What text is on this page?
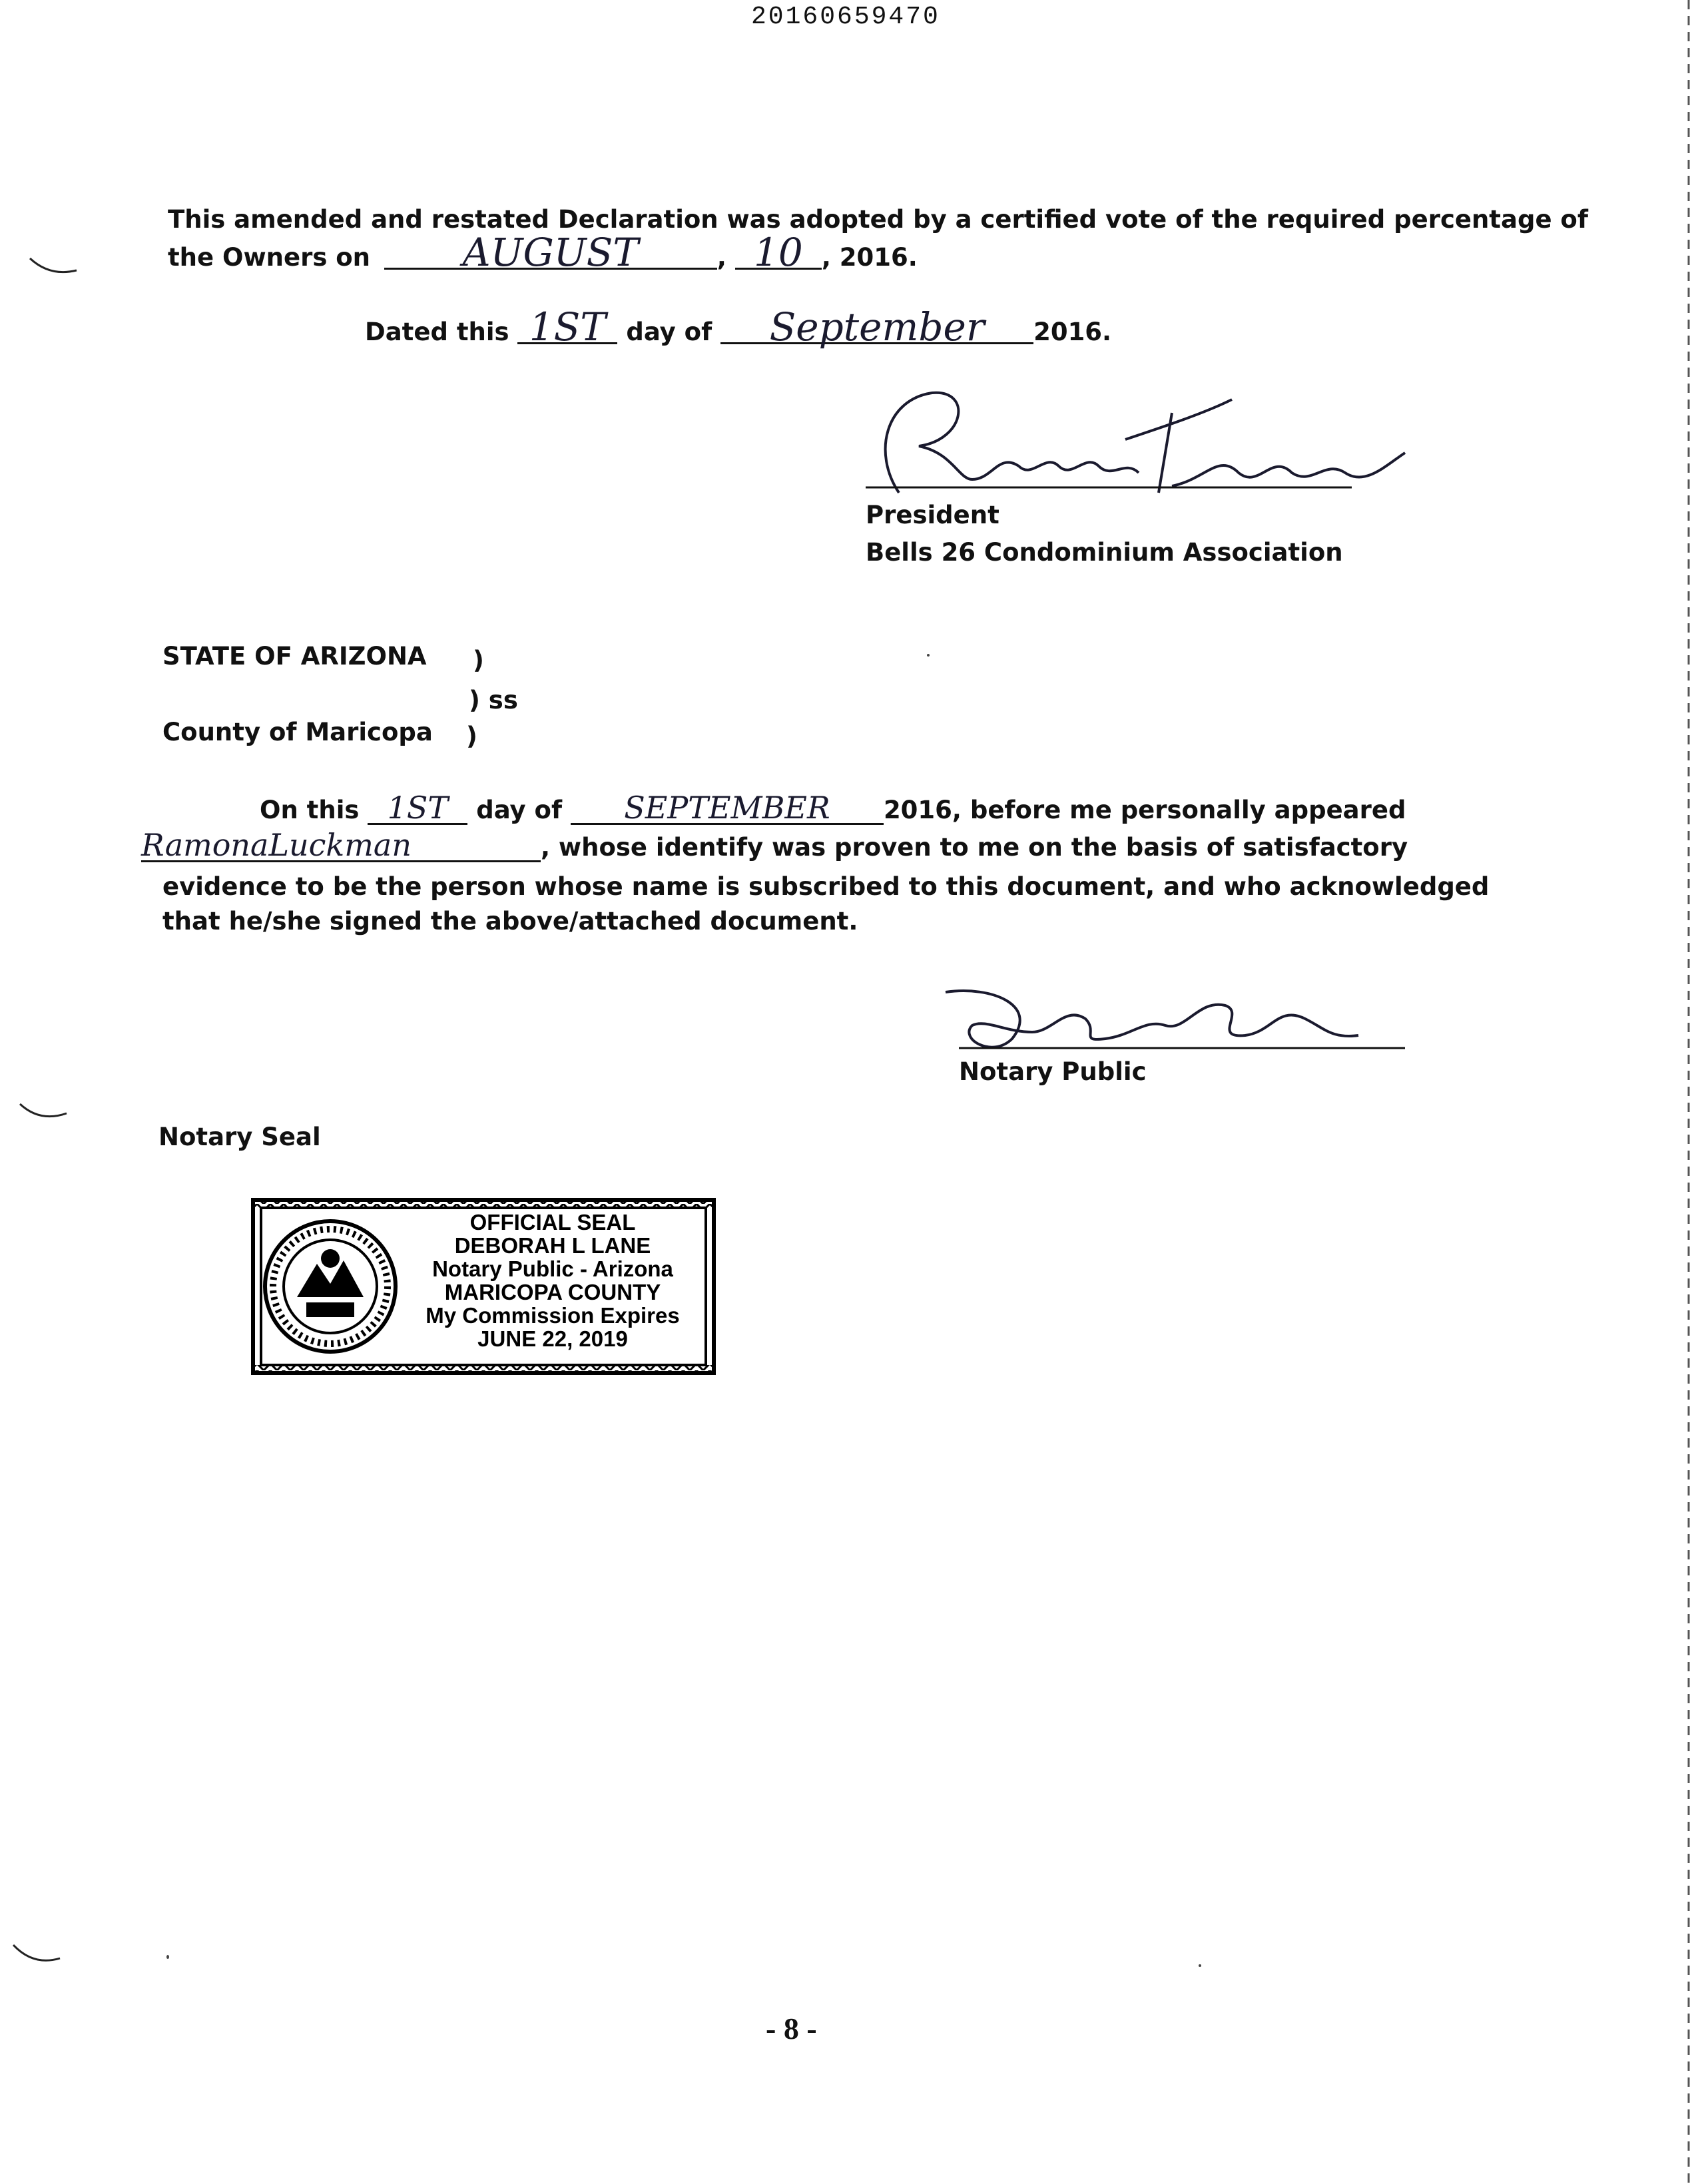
20160659470
This amended and restated Declaration was adopted by a certified vote of the required percentage of
the Owners on AUGUST	, 10 , 2016.
Dated this 1ST day of September 2016.
President
Bells 26 Condominium Association
STATE OF ARIZONA )
) ss
County of Maricopa )
On this 1ST day of SEPTEMBER 2016, before me personally appeared
RamonaLuckman	, whose identify was proven to me on the basis of satisfactory
evidence to be the person whose name is subscribed to this document, and who acknowledged
that he/she signed the above/attached document.
Notary Public
Notary Seal
OFFICIAL SEAL
DEBORAH L LANE
Notary Public - Arizona
MARICOPA COUNTY
My Commission Expires
JUNE 22, 2019
- 8 -
